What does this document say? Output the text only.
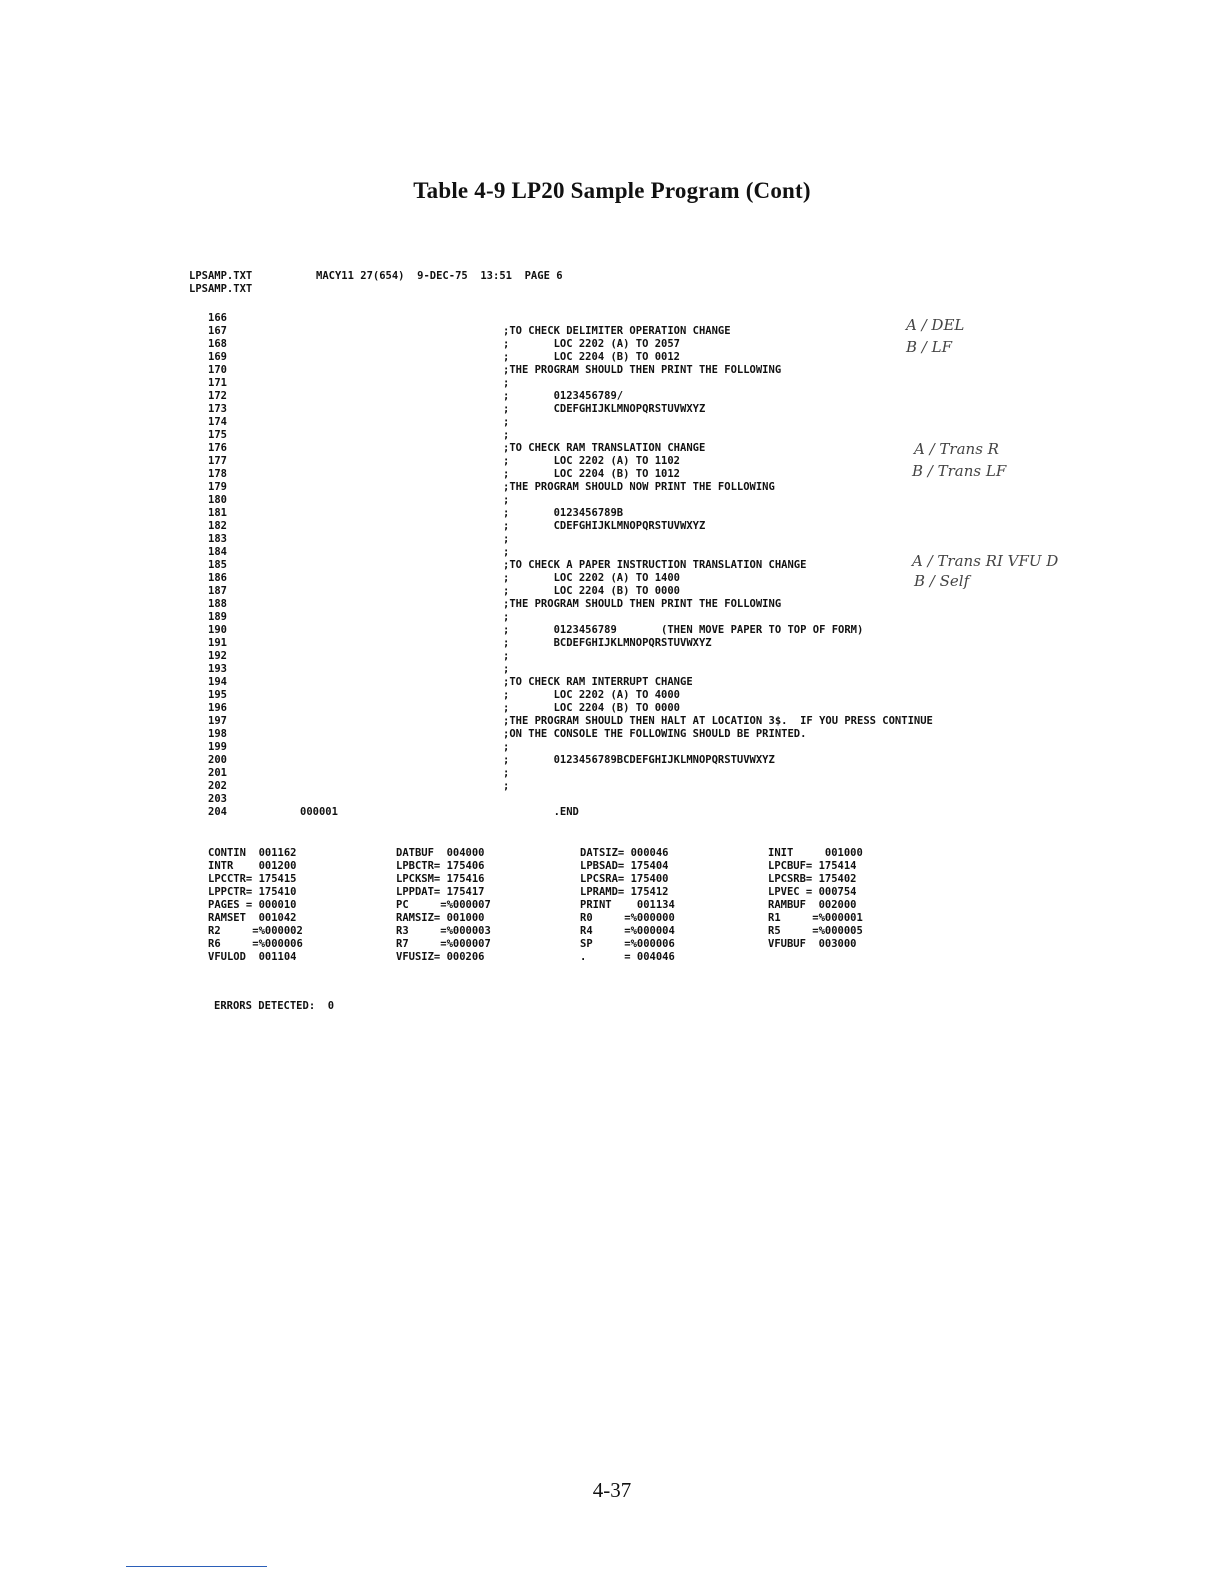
Table 4-9 LP20 Sample Program (Cont)
LPSAMP.TXT
LPSAMP.TXT
MACY11 27(654)  9-DEC-75  13:51  PAGE 6
166
167
168
169
170
171
172
173
174
175
176
177
178
179
180
181
182
183
184
185
186
187
188
189
190
191
192
193
194
195
196
197
198
199
200
201
202
203
204
;TO CHECK DELIMITER OPERATION CHANGE
;       LOC 2202 (A) TO 2057
;       LOC 2204 (B) TO 0012
;THE PROGRAM SHOULD THEN PRINT THE FOLLOWING
;
;       0123456789/
;       CDEFGHIJKLMNOPQRSTUVWXYZ
;
;
;TO CHECK RAM TRANSLATION CHANGE
;       LOC 2202 (A) TO 1102
;       LOC 2204 (B) TO 1012
;THE PROGRAM SHOULD NOW PRINT THE FOLLOWING
;
;       0123456789B
;       CDEFGHIJKLMNOPQRSTUVWXYZ
;
;
;TO CHECK A PAPER INSTRUCTION TRANSLATION CHANGE
;       LOC 2202 (A) TO 1400
;       LOC 2204 (B) TO 0000
;THE PROGRAM SHOULD THEN PRINT THE FOLLOWING
;
;       0123456789       (THEN MOVE PAPER TO TOP OF FORM)
;       BCDEFGHIJKLMNOPQRSTUVWXYZ
;
;
;TO CHECK RAM INTERRUPT CHANGE
;       LOC 2202 (A) TO 4000
;       LOC 2204 (B) TO 0000
;THE PROGRAM SHOULD THEN HALT AT LOCATION 3$.  IF YOU PRESS CONTINUE
;ON THE CONSOLE THE FOLLOWING SHOULD BE PRINTED.
;
;       0123456789BCDEFGHIJKLMNOPQRSTUVWXYZ
;
;
.END
000001
CONTIN  001162
INTR    001200
LPCCTR= 175415
LPPCTR= 175410
PAGES = 000010
RAMSET  001042
R2     =%000002
R6     =%000006
VFULOD  001104
DATBUF  004000
LPBCTR= 175406
LPCKSM= 175416
LPPDAT= 175417
PC     =%000007
RAMSIZ= 001000
R3     =%000003
R7     =%000007
VFUSIZ= 000206
DATSIZ= 000046
LPBSAD= 175404
LPCSRA= 175400
LPRAMD= 175412
PRINT    001134
R0     =%000000
R4     =%000004
SP     =%000006
.      = 004046
INIT     001000
LPCBUF= 175414
LPCSRB= 175402
LPVEC = 000754
RAMBUF  002000
R1     =%000001
R5     =%000005
VFUBUF  003000
ERRORS DETECTED:  0
A / DEL
B / LF
A / Trans R
B / Trans LF
A / Trans RI VFU D
B / Self
4-37
